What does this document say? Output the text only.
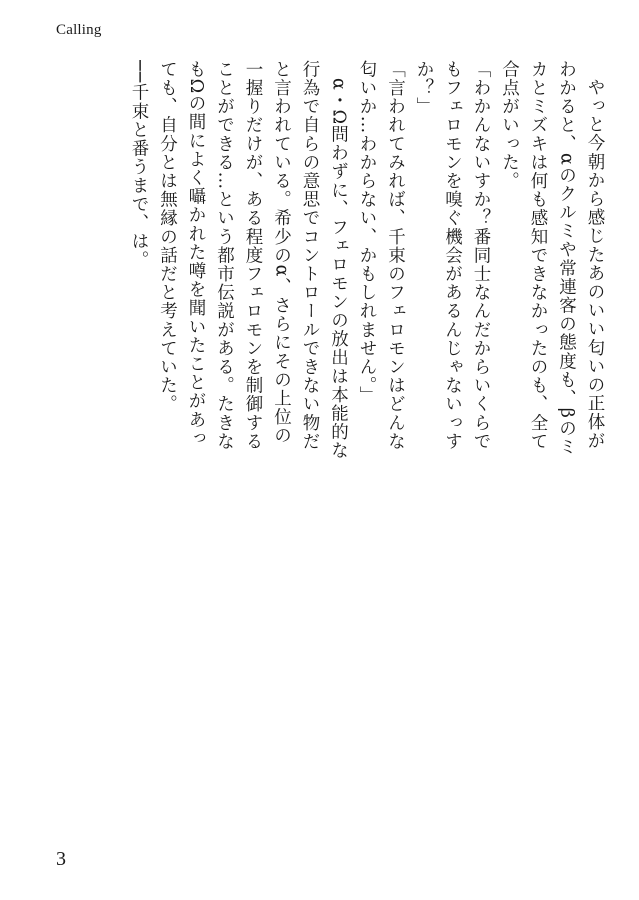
Calling

やっと今朝から感じたあのいい匂いの正体がわかると、αのクルミや常連客の態度も、βのミカとミズキは何も感知できなかったのも、全て合点がいった。

「わかんないすか？番同士なんだからいくらでもフェロモンを嗅ぐ機会があるんじゃないっすか？」

「言われてみれば、千束のフェロモンはどんな匂いか…わからない、かもしれません。」

α・Ω問わずに、フェロモンの放出は本能的な行為で自らの意思でコントロールできない物だと言われている。希少のα、さらにその上位の一握りだけが、ある程度フェロモンを制御することができる…という都市伝説がある。たきなもΩの間によく囁かれた噂を聞いたことがあっても、自分とは無縁の話だと考えていた。

──千束と番うまで、は。

3
